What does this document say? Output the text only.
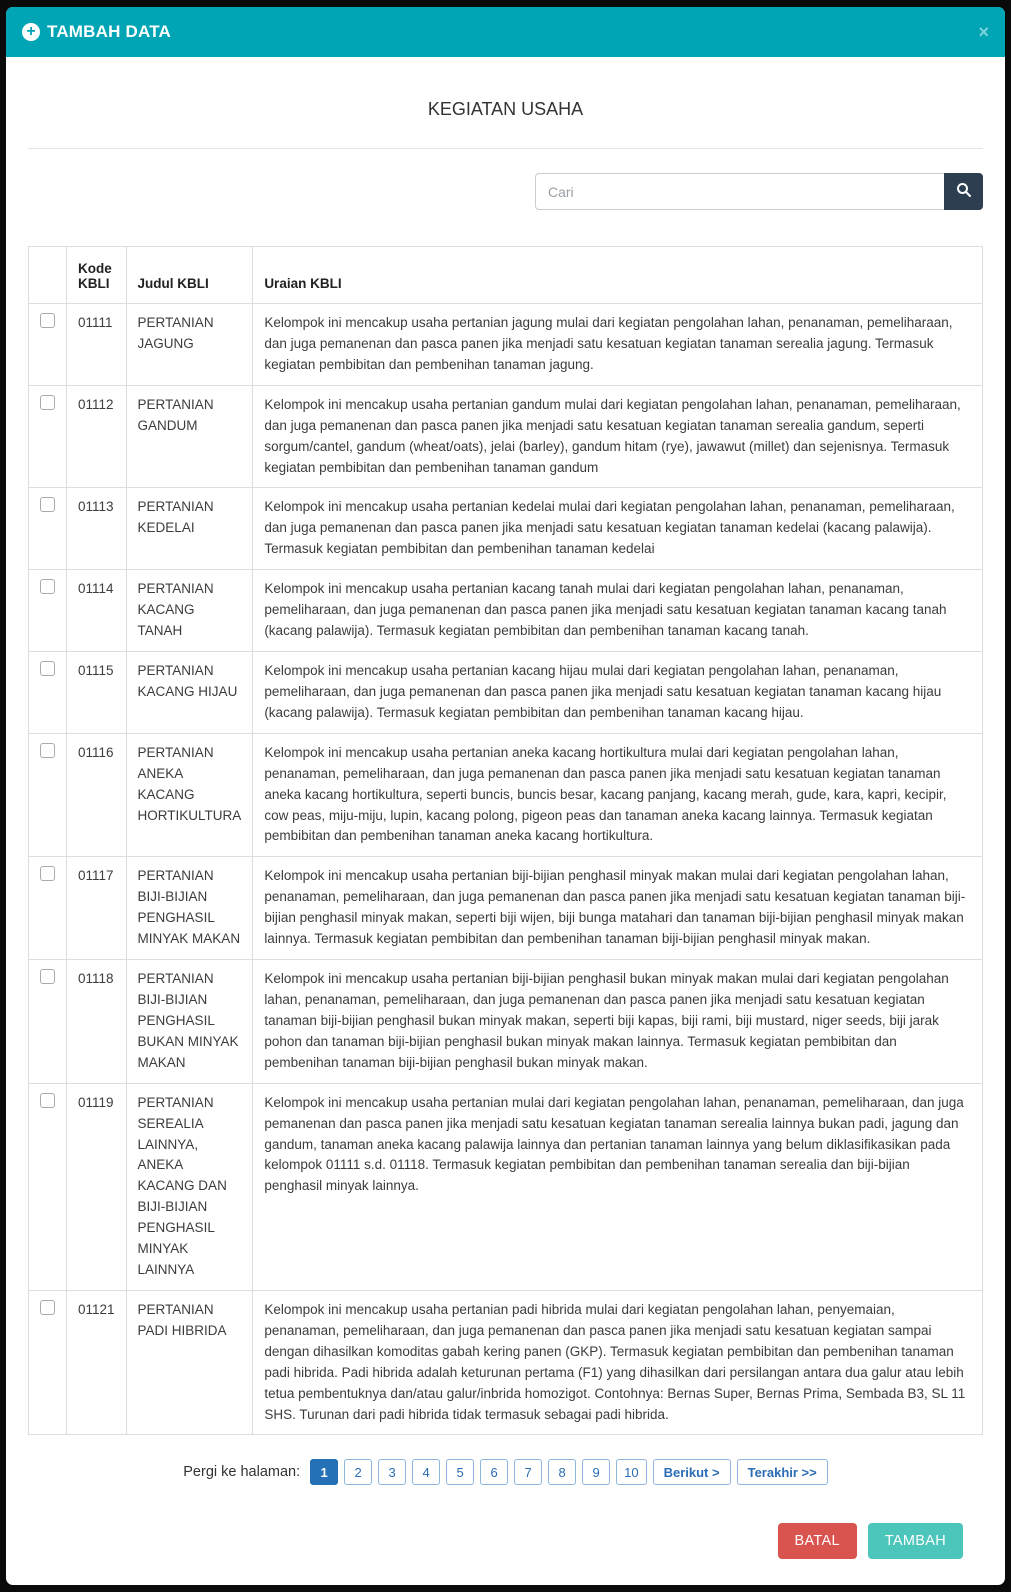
+ TAMBAH DATA	×
KEGIATAN USAHA
Cari
	Kode KBLI	Judul KBLI	Uraian KBLI
	01111	PERTANIAN JAGUNG	Kelompok ini mencakup usaha pertanian jagung mulai dari kegiatan pengolahan lahan, penanaman, pemeliharaan, dan juga pemanenan dan pasca panen jika menjadi satu kesatuan kegiatan tanaman serealia jagung. Termasuk kegiatan pembibitan dan pembenihan tanaman jagung.
	01112	PERTANIAN GANDUM	Kelompok ini mencakup usaha pertanian gandum mulai dari kegiatan pengolahan lahan, penanaman, pemeliharaan, dan juga pemanenan dan pasca panen jika menjadi satu kesatuan kegiatan tanaman serealia gandum, seperti sorgum/cantel, gandum (wheat/oats), jelai (barley), gandum hitam (rye), jawawut (millet) dan sejenisnya. Termasuk kegiatan pembibitan dan pembenihan tanaman gandum
	01113	PERTANIAN KEDELAI	Kelompok ini mencakup usaha pertanian kedelai mulai dari kegiatan pengolahan lahan, penanaman, pemeliharaan, dan juga pemanenan dan pasca panen jika menjadi satu kesatuan kegiatan tanaman kedelai (kacang palawija). Termasuk kegiatan pembibitan dan pembenihan tanaman kedelai
	01114	PERTANIAN KACANG TANAH	Kelompok ini mencakup usaha pertanian kacang tanah mulai dari kegiatan pengolahan lahan, penanaman, pemeliharaan, dan juga pemanenan dan pasca panen jika menjadi satu kesatuan kegiatan tanaman kacang tanah (kacang palawija). Termasuk kegiatan pembibitan dan pembenihan tanaman kacang tanah.
	01115	PERTANIAN KACANG HIJAU	Kelompok ini mencakup usaha pertanian kacang hijau mulai dari kegiatan pengolahan lahan, penanaman, pemeliharaan, dan juga pemanenan dan pasca panen jika menjadi satu kesatuan kegiatan tanaman kacang hijau (kacang palawija). Termasuk kegiatan pembibitan dan pembenihan tanaman kacang hijau.
	01116	PERTANIAN ANEKA KACANG HORTIKULTURA	Kelompok ini mencakup usaha pertanian aneka kacang hortikultura mulai dari kegiatan pengolahan lahan, penanaman, pemeliharaan, dan juga pemanenan dan pasca panen jika menjadi satu kesatuan kegiatan tanaman aneka kacang hortikultura, seperti buncis, buncis besar, kacang panjang, kacang merah, gude, kara, kapri, kecipir, cow peas, miju-miju, lupin, kacang polong, pigeon peas dan tanaman aneka kacang lainnya. Termasuk kegiatan pembibitan dan pembenihan tanaman aneka kacang hortikultura.
	01117	PERTANIAN BIJI-BIJIAN PENGHASIL MINYAK MAKAN	Kelompok ini mencakup usaha pertanian biji-bijian penghasil minyak makan mulai dari kegiatan pengolahan lahan, penanaman, pemeliharaan, dan juga pemanenan dan pasca panen jika menjadi satu kesatuan kegiatan tanaman biji-bijian penghasil minyak makan, seperti biji wijen, biji bunga matahari dan tanaman biji-bijian penghasil minyak makan lainnya. Termasuk kegiatan pembibitan dan pembenihan tanaman biji-bijian penghasil minyak makan.
	01118	PERTANIAN BIJI-BIJIAN PENGHASIL BUKAN MINYAK MAKAN	Kelompok ini mencakup usaha pertanian biji-bijian penghasil bukan minyak makan mulai dari kegiatan pengolahan lahan, penanaman, pemeliharaan, dan juga pemanenan dan pasca panen jika menjadi satu kesatuan kegiatan tanaman biji-bijian penghasil bukan minyak makan, seperti biji kapas, biji rami, biji mustard, niger seeds, biji jarak pohon dan tanaman biji-bijian penghasil bukan minyak makan lainnya. Termasuk kegiatan pembibitan dan pembenihan tanaman biji-bijian penghasil bukan minyak makan.
	01119	PERTANIAN SEREALIA LAINNYA, ANEKA KACANG DAN BIJI-BIJIAN PENGHASIL MINYAK LAINNYA	Kelompok ini mencakup usaha pertanian mulai dari kegiatan pengolahan lahan, penanaman, pemeliharaan, dan juga pemanenan dan pasca panen jika menjadi satu kesatuan kegiatan tanaman serealia lainnya bukan padi, jagung dan gandum, tanaman aneka kacang palawija lainnya dan pertanian tanaman lainnya yang belum diklasifikasikan pada kelompok 01111 s.d. 01118. Termasuk kegiatan pembibitan dan pembenihan tanaman serealia dan biji-bijian penghasil minyak lainnya.
	01121	PERTANIAN PADI HIBRIDA	Kelompok ini mencakup usaha pertanian padi hibrida mulai dari kegiatan pengolahan lahan, penyemaian, penanaman, pemeliharaan, dan juga pemanenan dan pasca panen jika menjadi satu kesatuan kegiatan sampai dengan dihasilkan komoditas gabah kering panen (GKP). Termasuk kegiatan pembibitan dan pembenihan tanaman padi hibrida. Padi hibrida adalah keturunan pertama (F1) yang dihasilkan dari persilangan antara dua galur atau lebih tetua pembentuknya dan/atau galur/inbrida homozigot. Contohnya: Bernas Super, Bernas Prima, Sembada B3, SL 11 SHS. Turunan dari padi hibrida tidak termasuk sebagai padi hibrida.
Pergi ke halaman:	1	2	3	4	5	6	7	8	9	10	Berikut >	Terakhir >>
BATAL	TAMBAH
